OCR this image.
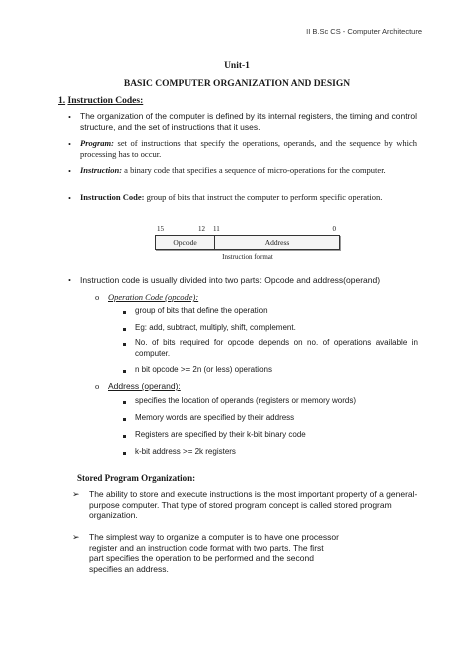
II B.Sc CS - Computer Architecture
Unit-1
BASIC COMPUTER ORGANIZATION AND DESIGN
1. Instruction Codes:
• The organization of the computer is defined by its internal registers, the timing and control structure, and the set of instructions that it uses.
• Program: set of instructions that specify the operations, operands, and the sequence by which processing has to occur.
• Instruction: a binary code that specifies a sequence of micro-operations for the computer.
• Instruction Code: group of bits that instruct the computer to perform specific operation.
15	12 11	0
Opcode	Address
Instruction format
• Instruction code is usually divided into two parts: Opcode and address(operand)
o Operation Code (opcode):
group of bits that define the operation
Eg: add, subtract, multiply, shift, complement.
No. of bits required for opcode depends on no. of operations available in computer.
n bit opcode >= 2n (or less) operations
o Address (operand):
specifies the location of operands (registers or memory words)
Memory words are specified by their address
Registers are specified by their k-bit binary code
k-bit address >= 2k registers
Stored Program Organization:
➢ The ability to store and execute instructions is the most important property of a general-purpose computer. That type of stored program concept is called stored program organization.
➢ The simplest way to organize a computer is to have one processor register and an instruction code format with two parts. The first part specifies the operation to be performed and the second specifies an address.
